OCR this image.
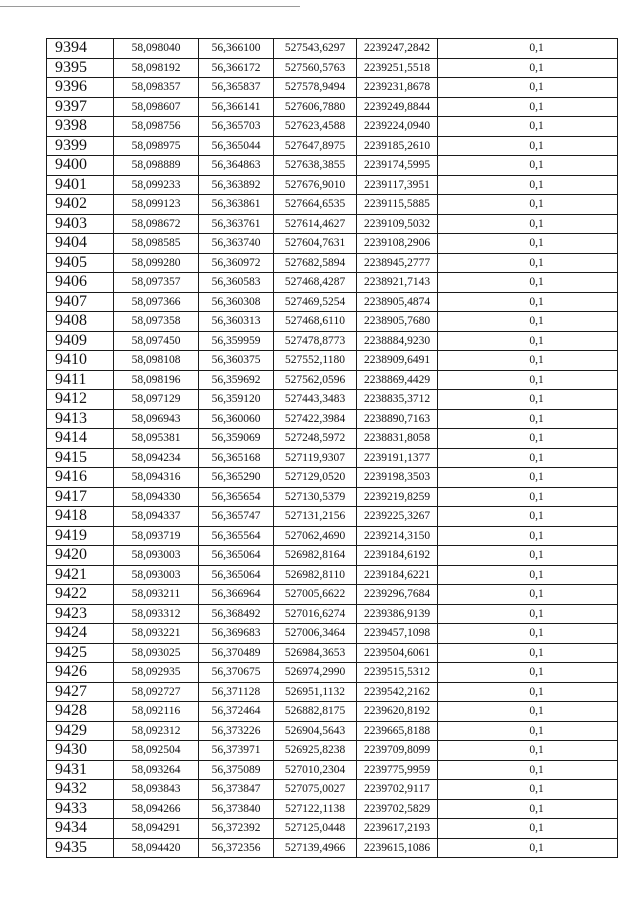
9394	58,098040	56,366100	527543,6297	2239247,2842	0,1
9395	58,098192	56,366172	527560,5763	2239251,5518	0,1
9396	58,098357	56,365837	527578,9494	2239231,8678	0,1
9397	58,098607	56,366141	527606,7880	2239249,8844	0,1
9398	58,098756	56,365703	527623,4588	2239224,0940	0,1
9399	58,098975	56,365044	527647,8975	2239185,2610	0,1
9400	58,098889	56,364863	527638,3855	2239174,5995	0,1
9401	58,099233	56,363892	527676,9010	2239117,3951	0,1
9402	58,099123	56,363861	527664,6535	2239115,5885	0,1
9403	58,098672	56,363761	527614,4627	2239109,5032	0,1
9404	58,098585	56,363740	527604,7631	2239108,2906	0,1
9405	58,099280	56,360972	527682,5894	2238945,2777	0,1
9406	58,097357	56,360583	527468,4287	2238921,7143	0,1
9407	58,097366	56,360308	527469,5254	2238905,4874	0,1
9408	58,097358	56,360313	527468,6110	2238905,7680	0,1
9409	58,097450	56,359959	527478,8773	2238884,9230	0,1
9410	58,098108	56,360375	527552,1180	2238909,6491	0,1
9411	58,098196	56,359692	527562,0596	2238869,4429	0,1
9412	58,097129	56,359120	527443,3483	2238835,3712	0,1
9413	58,096943	56,360060	527422,3984	2238890,7163	0,1
9414	58,095381	56,359069	527248,5972	2238831,8058	0,1
9415	58,094234	56,365168	527119,9307	2239191,1377	0,1
9416	58,094316	56,365290	527129,0520	2239198,3503	0,1
9417	58,094330	56,365654	527130,5379	2239219,8259	0,1
9418	58,094337	56,365747	527131,2156	2239225,3267	0,1
9419	58,093719	56,365564	527062,4690	2239214,3150	0,1
9420	58,093003	56,365064	526982,8164	2239184,6192	0,1
9421	58,093003	56,365064	526982,8110	2239184,6221	0,1
9422	58,093211	56,366964	527005,6622	2239296,7684	0,1
9423	58,093312	56,368492	527016,6274	2239386,9139	0,1
9424	58,093221	56,369683	527006,3464	2239457,1098	0,1
9425	58,093025	56,370489	526984,3653	2239504,6061	0,1
9426	58,092935	56,370675	526974,2990	2239515,5312	0,1
9427	58,092727	56,371128	526951,1132	2239542,2162	0,1
9428	58,092116	56,372464	526882,8175	2239620,8192	0,1
9429	58,092312	56,373226	526904,5643	2239665,8188	0,1
9430	58,092504	56,373971	526925,8238	2239709,8099	0,1
9431	58,093264	56,375089	527010,2304	2239775,9959	0,1
9432	58,093843	56,373847	527075,0027	2239702,9117	0,1
9433	58,094266	56,373840	527122,1138	2239702,5829	0,1
9434	58,094291	56,372392	527125,0448	2239617,2193	0,1
9435	58,094420	56,372356	527139,4966	2239615,1086	0,1
